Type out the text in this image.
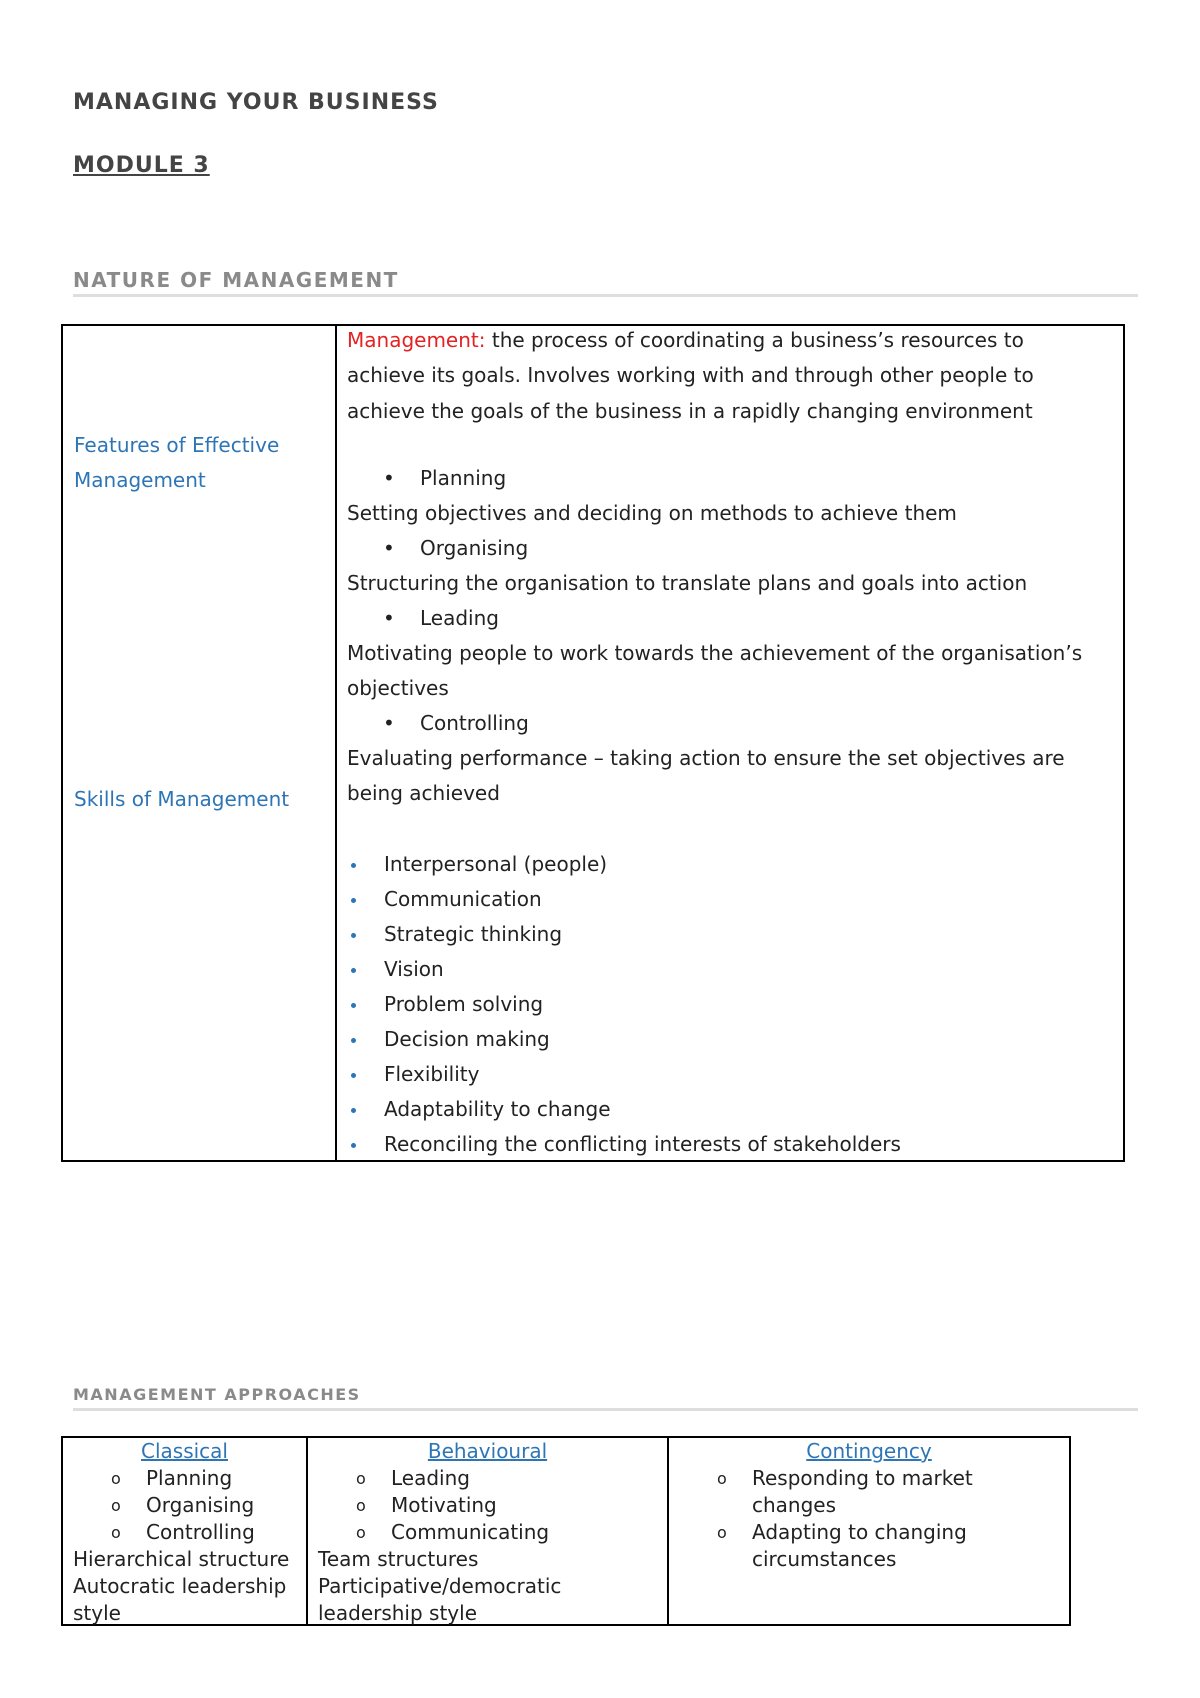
MANAGING YOUR BUSINESS
MODULE 3
NATURE OF MANAGEMENT

Features of Effective
Management

Skills of Management

Management: the process of coordinating a business’s resources to

achieve its goals. Involves working with and through other people to

achieve the goals of the business in a rapidly changing environment

• Planning

Setting objectives and deciding on methods to achieve them

• Organising

Structuring the organisation to translate plans and goals into action

• Leading

Motivating people to work towards the achievement of the organisation’s

objectives

• Controlling

Evaluating performance – taking action to ensure the set objectives are

being achieved

Interpersonal (people)
Communication
Strategic thinking
Vision
Problem solving
Decision making
Flexibility
Adaptability to change
Reconciling the conflicting interests of stakeholders
MANAGEMENT APPROACHES
Classical
o Planning
o Organising
o Controlling
Hierarchical structure
Autocratic leadership
style
Behavioural
o Leading
o Motivating
o Communicating
Team structures
Participative/democratic
leadership style
Contingency
o Responding to market
changes
o Adapting to changing
circumstances
